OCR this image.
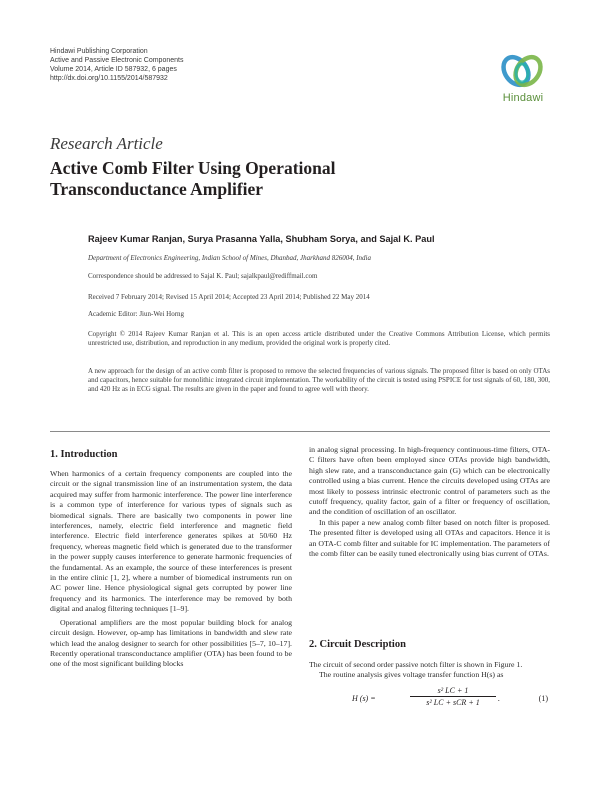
Hindawi Publishing Corporation
Active and Passive Electronic Components
Volume 2014, Article ID 587932, 6 pages
http://dx.doi.org/10.1155/2014/587932
Hindawi
Research Article
Active Comb Filter Using Operational Transconductance Amplifier
Rajeev Kumar Ranjan, Surya Prasanna Yalla, Shubham Sorya, and Sajal K. Paul
Department of Electronics Engineering, Indian School of Mines, Dhanbad, Jharkhand 826004, India
Correspondence should be addressed to Sajal K. Paul; sajalkpaul@rediffmail.com
Received 7 February 2014; Revised 15 April 2014; Accepted 23 April 2014; Published 22 May 2014
Academic Editor: Jiun-Wei Horng
Copyright © 2014 Rajeev Kumar Ranjan et al. This is an open access article distributed under the Creative Commons Attribution License, which permits unrestricted use, distribution, and reproduction in any medium, provided the original work is properly cited.
A new approach for the design of an active comb filter is proposed to remove the selected frequencies of various signals. The proposed filter is based on only OTAs and capacitors, hence suitable for monolithic integrated circuit implementation. The workability of the circuit is tested using PSPICE for test signals of 60, 180, 300, and 420 Hz as in ECG signal. The results are given in the paper and found to agree well with theory.
1. Introduction

When harmonics of a certain frequency components are coupled into the circuit or the signal transmission line of an instrumentation system, the data acquired may suffer from harmonic interference. The power line interference is a common type of interference for various types of signals such as biomedical signals. There are basically two components in power line interferences, namely, electric field interference and magnetic field interference. Electric field interference generates spikes at 50/60 Hz frequency, whereas magnetic field which is generated due to the transformer in the power supply causes interference to generate harmonic frequencies of the fundamental. As an example, the source of these interferences is present in the entire clinic [1, 2], where a number of biomedical instruments run on AC power line. Hence physiological signal gets corrupted by power line frequency and its harmonics. The interference may be removed by both digital and analog filtering techniques [1–9].

Operational amplifiers are the most popular building block for analog circuit design. However, op-amp has limitations in bandwidth and slew rate which lead the analog designer to search for other possibilities [5–7, 10–17]. Recently operational transconductance amplifier (OTA) has been found to be one of the most significant building blocks

in analog signal processing. In high-frequency continuous-time filters, OTA-C filters have often been employed since OTAs provide high bandwidth, high slew rate, and a transconductance gain (G) which can be electronically controlled using a bias current. Hence the circuits developed using OTAs are most likely to possess intrinsic electronic control of parameters such as the cutoff frequency, quality factor, gain of a filter or frequency of oscillation, and the condition of oscillation of an oscillator.

In this paper a new analog comb filter based on notch filter is proposed. The presented filter is developed using all OTAs and capacitors. Hence it is an OTA-C comb filter and suitable for IC implementation. The parameters of the comb filter can be easily tuned electronically using bias current of OTAs.

2. Circuit Description

The circuit of second order passive notch filter is shown in Figure 1.

The routine analysis gives voltage transfer function H(s) as

H (s) =
s² LC + 1
s² LC + sCR + 1	.	(1)
